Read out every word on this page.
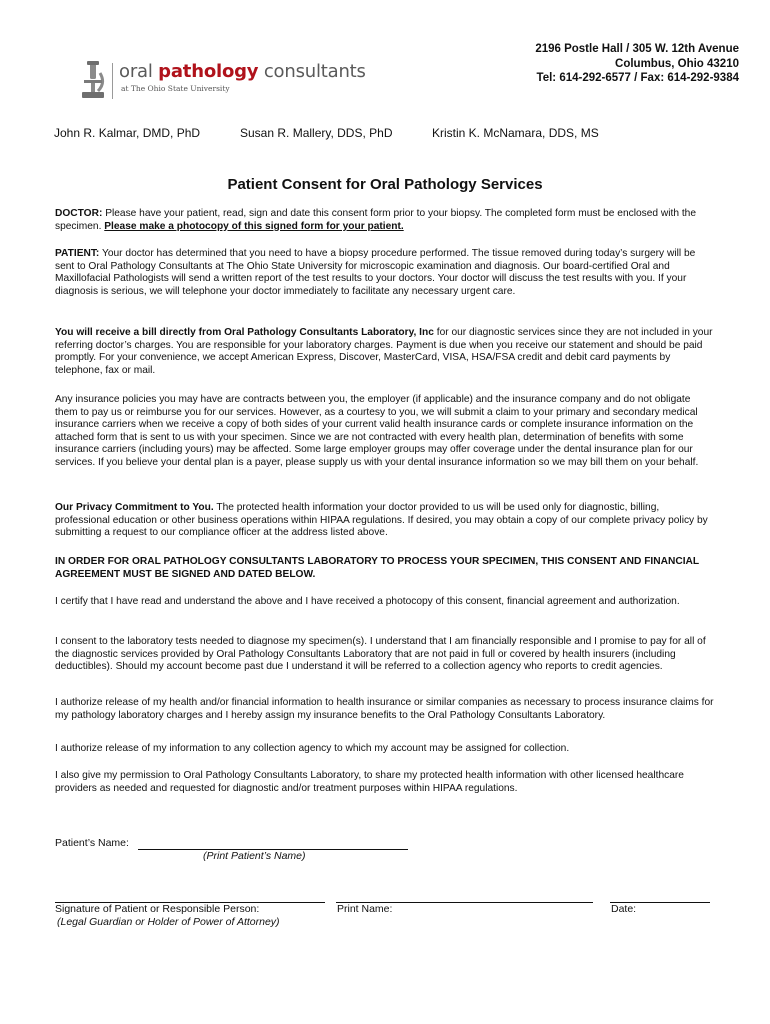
oral pathology consultants
at The Ohio State University
2196 Postle Hall / 305 W. 12th Avenue
Columbus, Ohio 43210
Tel: 614-292-6577 / Fax: 614-292-9384
John R. Kalmar, DMD, PhD	Susan R. Mallery, DDS, PhD	Kristin K. McNamara, DDS, MS
Patient Consent for Oral Pathology Services

DOCTOR: Please have your patient, read, sign and date this consent form prior to your biopsy. The completed form must be enclosed with the specimen. Please make a photocopy of this signed form for your patient.

PATIENT: Your doctor has determined that you need to have a biopsy procedure performed. The tissue removed during today’s surgery will be sent to Oral Pathology Consultants at The Ohio State University for microscopic examination and diagnosis. Our board-certified Oral and Maxillofacial Pathologists will send a written report of the test results to your doctors. Your doctor will discuss the test results with you. If your diagnosis is serious, we will telephone your doctor immediately to facilitate any necessary urgent care.

You will receive a bill directly from Oral Pathology Consultants Laboratory, Inc for our diagnostic services since they are not included in your referring doctor’s charges. You are responsible for your laboratory charges. Payment is due when you receive our statement and should be paid promptly. For your convenience, we accept American Express, Discover, MasterCard, VISA, HSA/FSA credit and debit card payments by telephone, fax or mail.

Any insurance policies you may have are contracts between you, the employer (if applicable) and the insurance company and do not obligate them to pay us or reimburse you for our services. However, as a courtesy to you, we will submit a claim to your primary and secondary medical insurance carriers when we receive a copy of both sides of your current valid health insurance cards or complete insurance information on the attached form that is sent to us with your specimen. Since we are not contracted with every health plan, determination of benefits with some insurance carriers (including yours) may be affected. Some large employer groups may offer coverage under the dental insurance plan for our services. If you believe your dental plan is a payer, please supply us with your dental insurance information so we may bill them on your behalf.

Our Privacy Commitment to You. The protected health information your doctor provided to us will be used only for diagnostic, billing, professional education or other business operations within HIPAA regulations. If desired, you may obtain a copy of our complete privacy policy by submitting a request to our compliance officer at the address listed above.

IN ORDER FOR ORAL PATHOLOGY CONSULTANTS LABORATORY TO PROCESS YOUR SPECIMEN, THIS CONSENT AND FINANCIAL AGREEMENT MUST BE SIGNED AND DATED BELOW.

I certify that I have read and understand the above and I have received a photocopy of this consent, financial agreement and authorization.

I consent to the laboratory tests needed to diagnose my specimen(s). I understand that I am financially responsible and I promise to pay for all of the diagnostic services provided by Oral Pathology Consultants Laboratory that are not paid in full or covered by health insurers (including deductibles). Should my account become past due I understand it will be referred to a collection agency who reports to credit agencies.

I authorize release of my health and/or financial information to health insurance or similar companies as necessary to process insurance claims for my pathology laboratory charges and I hereby assign my insurance benefits to the Oral Pathology Consultants Laboratory.

I authorize release of my information to any collection agency to which my account may be assigned for collection.

I also give my permission to Oral Pathology Consultants Laboratory, to share my protected health information with other licensed healthcare providers as needed and requested for diagnostic and/or treatment purposes within HIPAA regulations.

Patient’s Name:
(Print Patient’s Name)
Signature of Patient or Responsible Person:
(Legal Guardian or Holder of Power of Attorney)
Print Name:	Date:
